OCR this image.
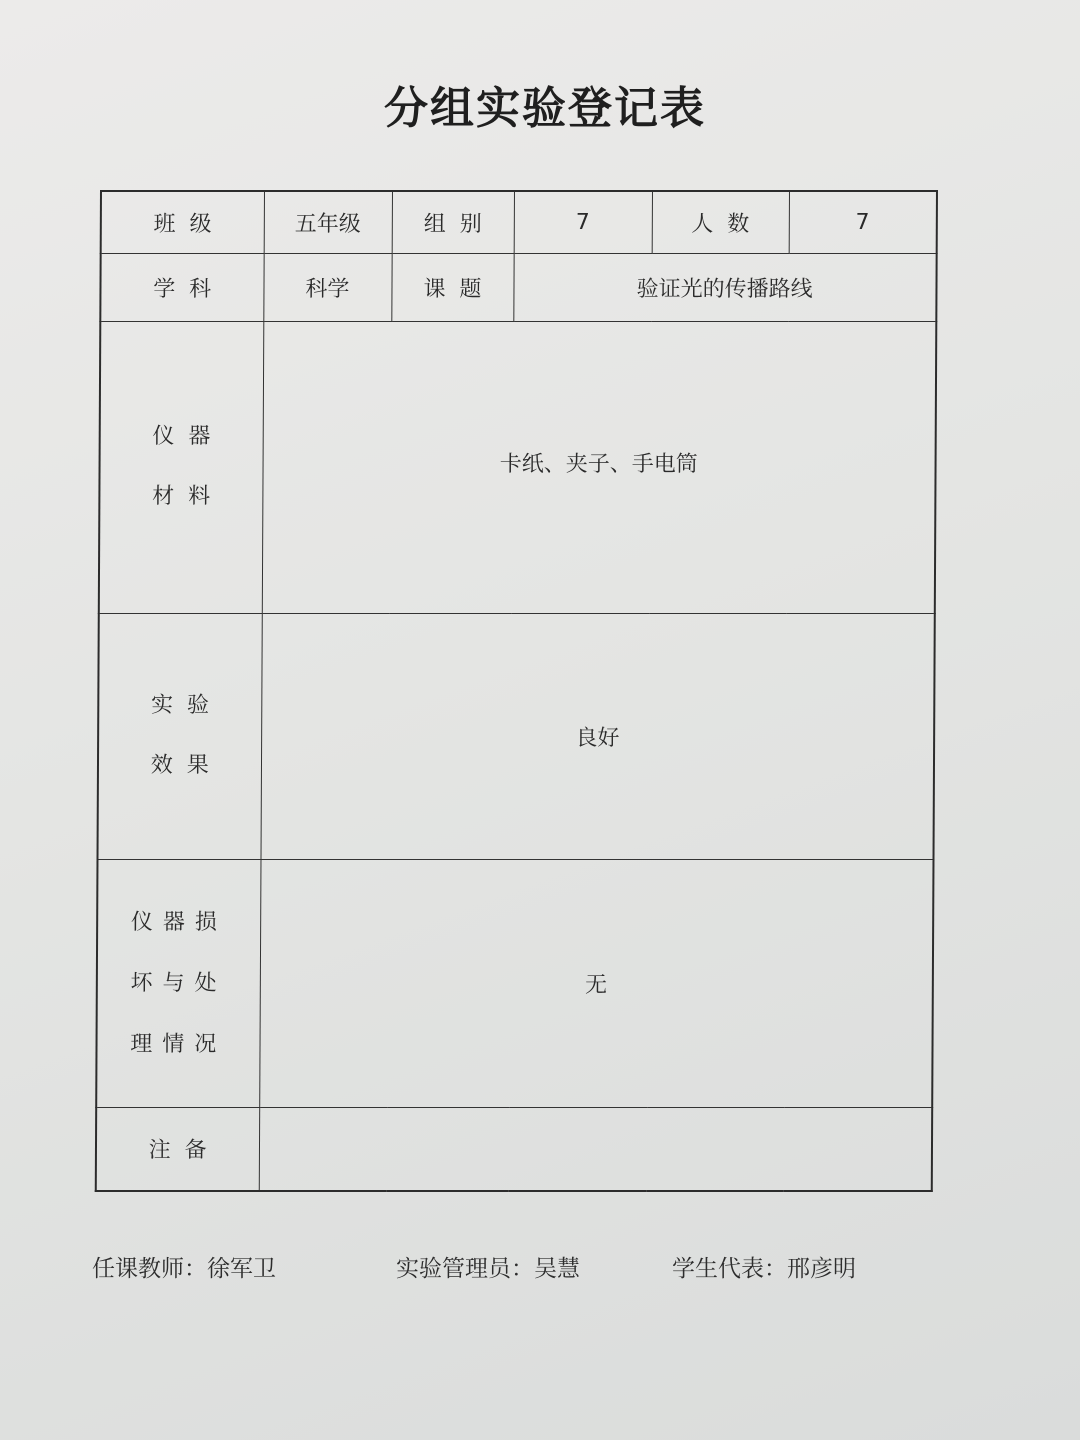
分组实验登记表
班  级	五年级	组  别	7	人  数	7
学  科	科学	课  题	验证光的传播路线		

仪  器
材  料	卡纸、夹子、手电筒				

实  验
效  果	良好				

仪器损
坏与处
理情况	无				
注  备					
任课教师：徐军卫	实验管理员：吴慧	学生代表：邢彦明
